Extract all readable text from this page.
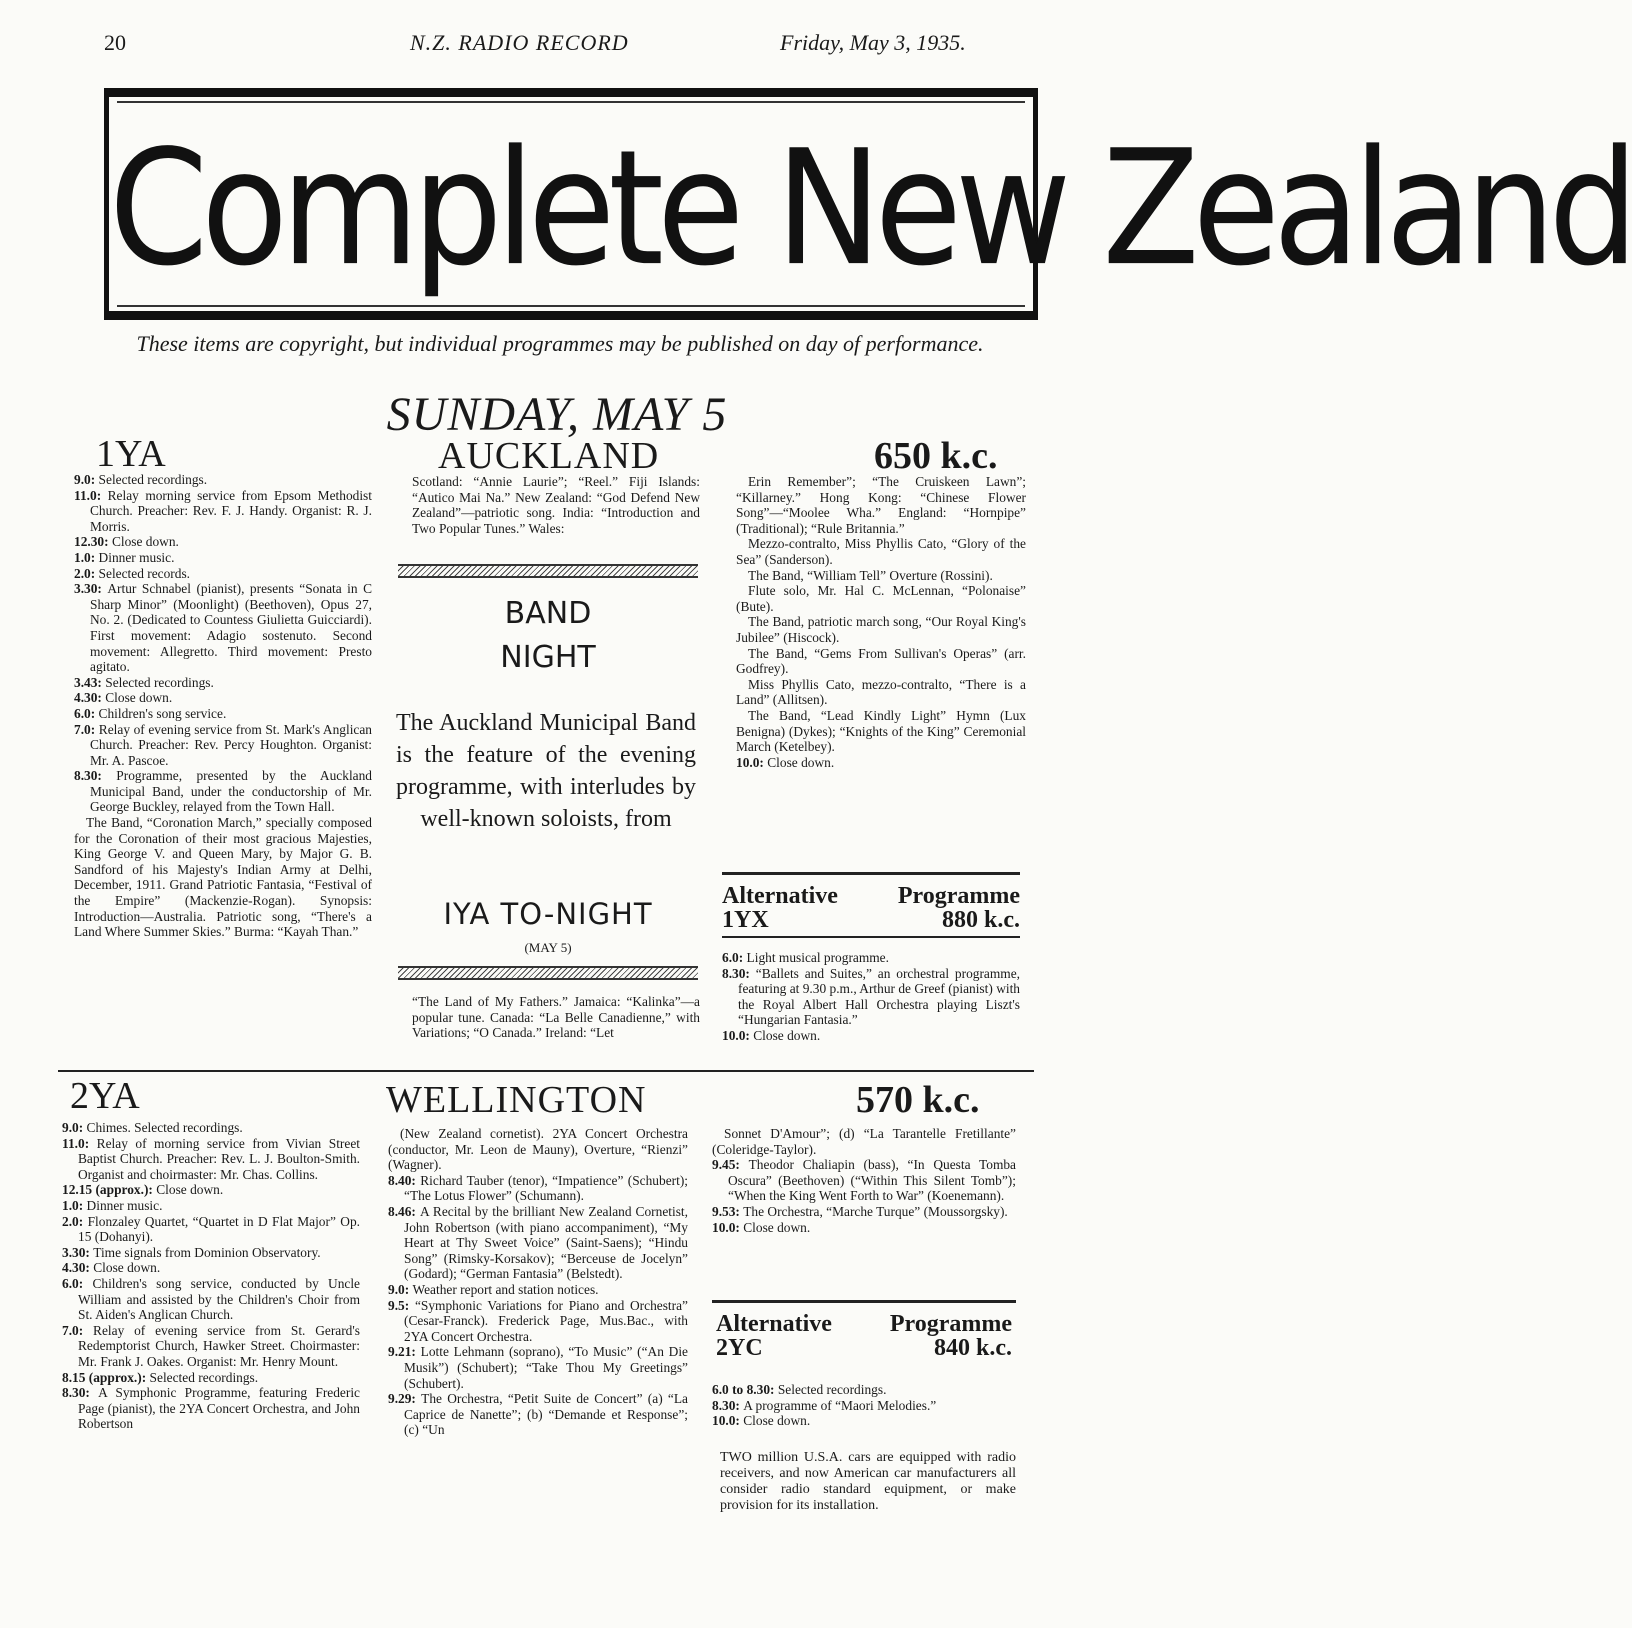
20	N.Z. RADIO RECORD	Friday, May 3, 1935.
Complete New Zealand
These items are copyright, but individual programmes may be published on day of performance.
SUNDAY, MAY 5
1YA	AUCKLAND	650 k.c.

9.0: Selected recordings.

11.0: Relay morning service from Epsom Methodist Church. Preacher: Rev. F. J. Handy. Organist: R. J. Morris.

12.30: Close down.

1.0: Dinner music.

2.0: Selected records.

3.30: Artur Schnabel (pianist), presents “Sonata in C Sharp Minor” (Moonlight) (Beethoven), Opus 27, No. 2. (Dedicated to Countess Giulietta Guicciardi). First movement: Adagio sostenuto. Second movement: Allegretto. Third movement: Presto agitato.

3.43: Selected recordings.

4.30: Close down.

6.0: Children's song service.

7.0: Relay of evening service from St. Mark's Anglican Church. Preacher: Rev. Percy Houghton. Organist: Mr. A. Pascoe.

8.30: Programme, presented by the Auckland Municipal Band, under the conductorship of Mr. George Buckley, relayed from the Town Hall.

The Band, “Coronation March,” specially composed for the Coronation of their most gracious Majesties, King George V. and Queen Mary, by Major G. B. Sandford of his Majesty's Indian Army at Delhi, December, 1911. Grand Patriotic Fantasia, “Festival of the Empire” (Mackenzie-Rogan). Synopsis: Introduction—Australia. Patriotic song, “There's a Land Where Summer Skies.” Burma: “Kayah Than.”

Scotland: “Annie Laurie”; “Reel.” Fiji Islands: “Autico Mai Na.” New Zealand: “God Defend New Zealand”—patriotic song. India: “Introduction and Two Popular Tunes.” Wales:

BAND
NIGHT
The Auckland Municipal Band is the feature of the evening programme, with interludes by well-known soloists, from
IYA TO-NIGHT
(MAY 5)

“The Land of My Fathers.” Jamaica: “Kalinka”—a popular tune. Canada: “La Belle Canadienne,” with Variations; “O Canada.” Ireland: “Let

Erin Remember”; “The Cruiskeen Lawn”; “Killarney.” Hong Kong: “Chinese Flower Song”—“Moolee Wha.” England: “Hornpipe” (Traditional); “Rule Britannia.”

Mezzo-contralto, Miss Phyllis Cato, “Glory of the Sea” (Sanderson).

The Band, “William Tell” Overture (Rossini).

Flute solo, Mr. Hal C. McLennan, “Polonaise” (Bute).

The Band, patriotic march song, “Our Royal King's Jubilee” (Hiscock).

The Band, “Gems From Sullivan's Operas” (arr. Godfrey).

Miss Phyllis Cato, mezzo-contralto, “There is a Land” (Allitsen).

The Band, “Lead Kindly Light” Hymn (Lux Benigna) (Dykes); “Knights of the King” Ceremonial March (Ketelbey).

10.0: Close down.

Alternative Programme
1YX	880 k.c.

6.0: Light musical programme.

8.30: “Ballets and Suites,” an orchestral programme, featuring at 9.30 p.m., Arthur de Greef (pianist) with the Royal Albert Hall Orchestra playing Liszt's “Hungarian Fantasia.”

10.0: Close down.

2YA	WELLINGTON	570 k.c.

9.0: Chimes. Selected recordings.

11.0: Relay of morning service from Vivian Street Baptist Church. Preacher: Rev. L. J. Boulton-Smith. Organist and choirmaster: Mr. Chas. Collins.

12.15 (approx.): Close down.

1.0: Dinner music.

2.0: Flonzaley Quartet, “Quartet in D Flat Major” Op. 15 (Dohanyi).

3.30: Time signals from Dominion Observatory.

4.30: Close down.

6.0: Children's song service, conducted by Uncle William and assisted by the Children's Choir from St. Aiden's Anglican Church.

7.0: Relay of evening service from St. Gerard's Redemptorist Church, Hawker Street. Choirmaster: Mr. Frank J. Oakes. Organist: Mr. Henry Mount.

8.15 (approx.): Selected recordings.

8.30: A Symphonic Programme, featuring Frederic Page (pianist), the 2YA Concert Orchestra, and John Robertson

(New Zealand cornetist). 2YA Concert Orchestra (conductor, Mr. Leon de Mauny), Overture, “Rienzi” (Wagner).

8.40: Richard Tauber (tenor), “Impatience” (Schubert); “The Lotus Flower” (Schumann).

8.46: A Recital by the brilliant New Zealand Cornetist, John Robertson (with piano accompaniment), “My Heart at Thy Sweet Voice” (Saint-Saens); “Hindu Song” (Rimsky-Korsakov); “Berceuse de Jocelyn” (Godard); “German Fantasia” (Belstedt).

9.0: Weather report and station notices.

9.5: “Symphonic Variations for Piano and Orchestra” (Cesar-Franck). Frederick Page, Mus.Bac., with 2YA Concert Orchestra.

9.21: Lotte Lehmann (soprano), “To Music” (“An Die Musik”) (Schubert); “Take Thou My Greetings” (Schubert).

9.29: The Orchestra, “Petit Suite de Concert” (a) “La Caprice de Nanette”; (b) “Demande et Response”; (c) “Un

Sonnet D'Amour”; (d) “La Tarantelle Fretillante” (Coleridge-Taylor).

9.45: Theodor Chaliapin (bass), “In Questa Tomba Oscura” (Beethoven) (“Within This Silent Tomb”); “When the King Went Forth to War” (Koenemann).

9.53: The Orchestra, “Marche Turque” (Moussorgsky).

10.0: Close down.

Alternative Programme
2YC	840 k.c.

6.0 to 8.30: Selected recordings.

8.30: A programme of “Maori Melodies.”

10.0: Close down.

TWO million U.S.A. cars are equipped with radio receivers, and now American car manufacturers all consider radio standard equipment, or make provision for its installation.
